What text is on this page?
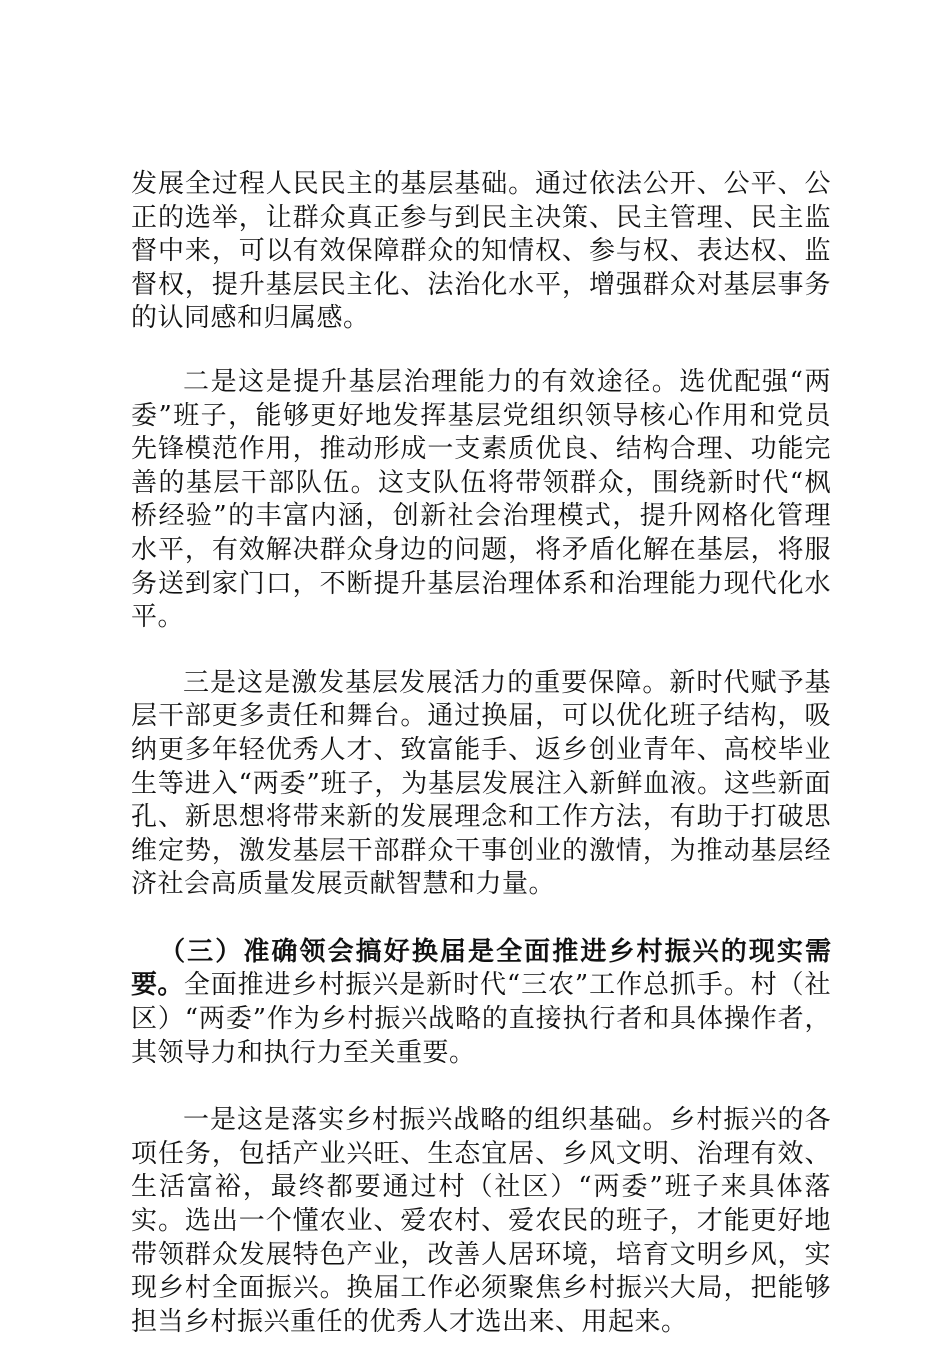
发展全过程人民民主的基层基础。通过依法公开、公平、公正的选举，让群众真正参与到民主决策、民主管理、民主监督中来，可以有效保障群众的知情权、参与权、表达权、监督权，提升基层民主化、法治化水平，增强群众对基层事务的认同感和归属感。

二是这是提升基层治理能力的有效途径。选优配强“两委”班子，能够更好地发挥基层党组织领导核心作用和党员先锋模范作用，推动形成一支素质优良、结构合理、功能完善的基层干部队伍。这支队伍将带领群众，围绕新时代“枫桥经验”的丰富内涵，创新社会治理模式，提升网格化管理水平，有效解决群众身边的问题，将矛盾化解在基层，将服务送到家门口，不断提升基层治理体系和治理能力现代化水平。

三是这是激发基层发展活力的重要保障。新时代赋予基层干部更多责任和舞台。通过换届，可以优化班子结构，吸纳更多年轻优秀人才、致富能手、返乡创业青年、高校毕业生等进入“两委”班子，为基层发展注入新鲜血液。这些新面孔、新思想将带来新的发展理念和工作方法，有助于打破思维定势，激发基层干部群众干事创业的激情，为推动基层经济社会高质量发展贡献智慧和力量。

（三）准确领会搞好换届是全面推进乡村振兴的现实需要。全面推进乡村振兴是新时代“三农”工作总抓手。村（社区）“两委”作为乡村振兴战略的直接执行者和具体操作者，其领导力和执行力至关重要。

一是这是落实乡村振兴战略的组织基础。乡村振兴的各项任务，包括产业兴旺、生态宜居、乡风文明、治理有效、生活富裕，最终都要通过村（社区）“两委”班子来具体落实。选出一个懂农业、爱农村、爱农民的班子，才能更好地带领群众发展特色产业，改善人居环境，培育文明乡风，实现乡村全面振兴。换届工作必须聚焦乡村振兴大局，把能够担当乡村振兴重任的优秀人才选出来、用起来。
